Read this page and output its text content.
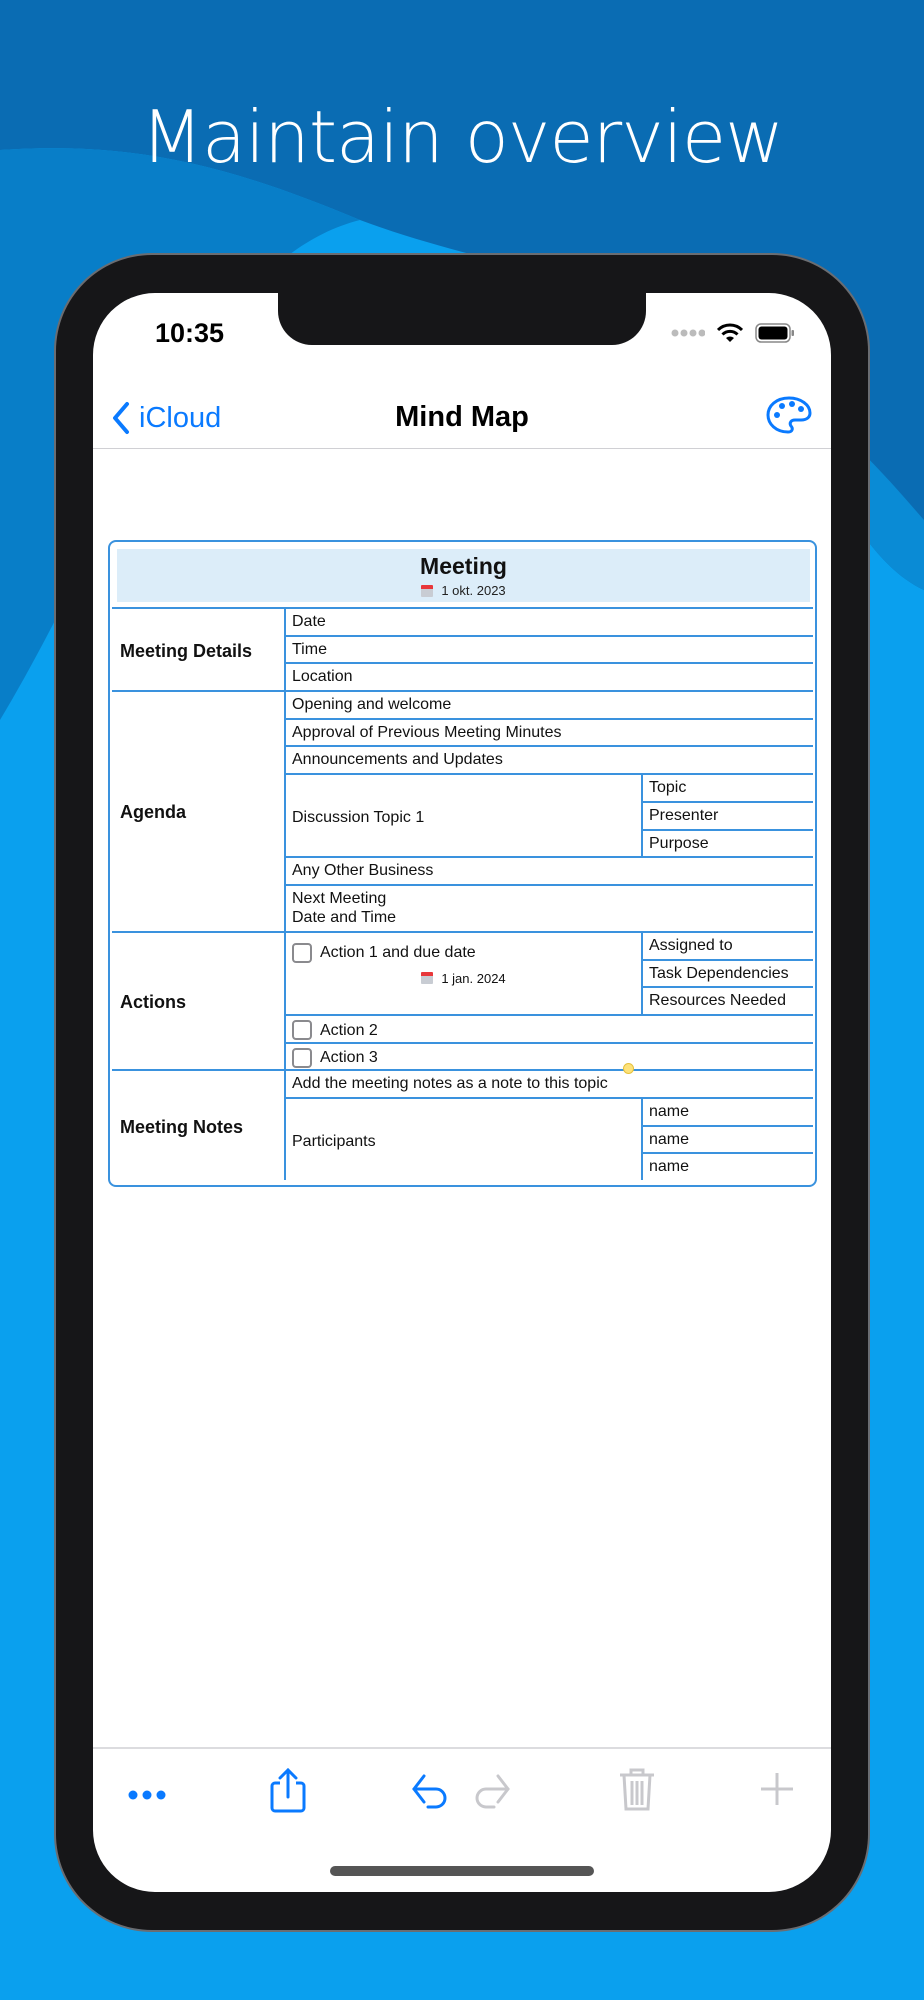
Maintain overview
10:35
iCloud	Mind Map
Meeting
1 okt. 2023
Meeting Details
Date
Time
Location
Agenda
Opening and welcome
Approval of Previous Meeting Minutes
Announcements and Updates
Discussion Topic 1
Topic
Presenter
Purpose
Any Other Business
Next Meeting
Date and Time
Actions
Action 1 and due date
1 jan. 2024
Assigned to
Task Dependencies
Resources Needed
Action 2
Action 3
Meeting Notes
Add the meeting notes as a note to this topic
Participants
name
name
name
